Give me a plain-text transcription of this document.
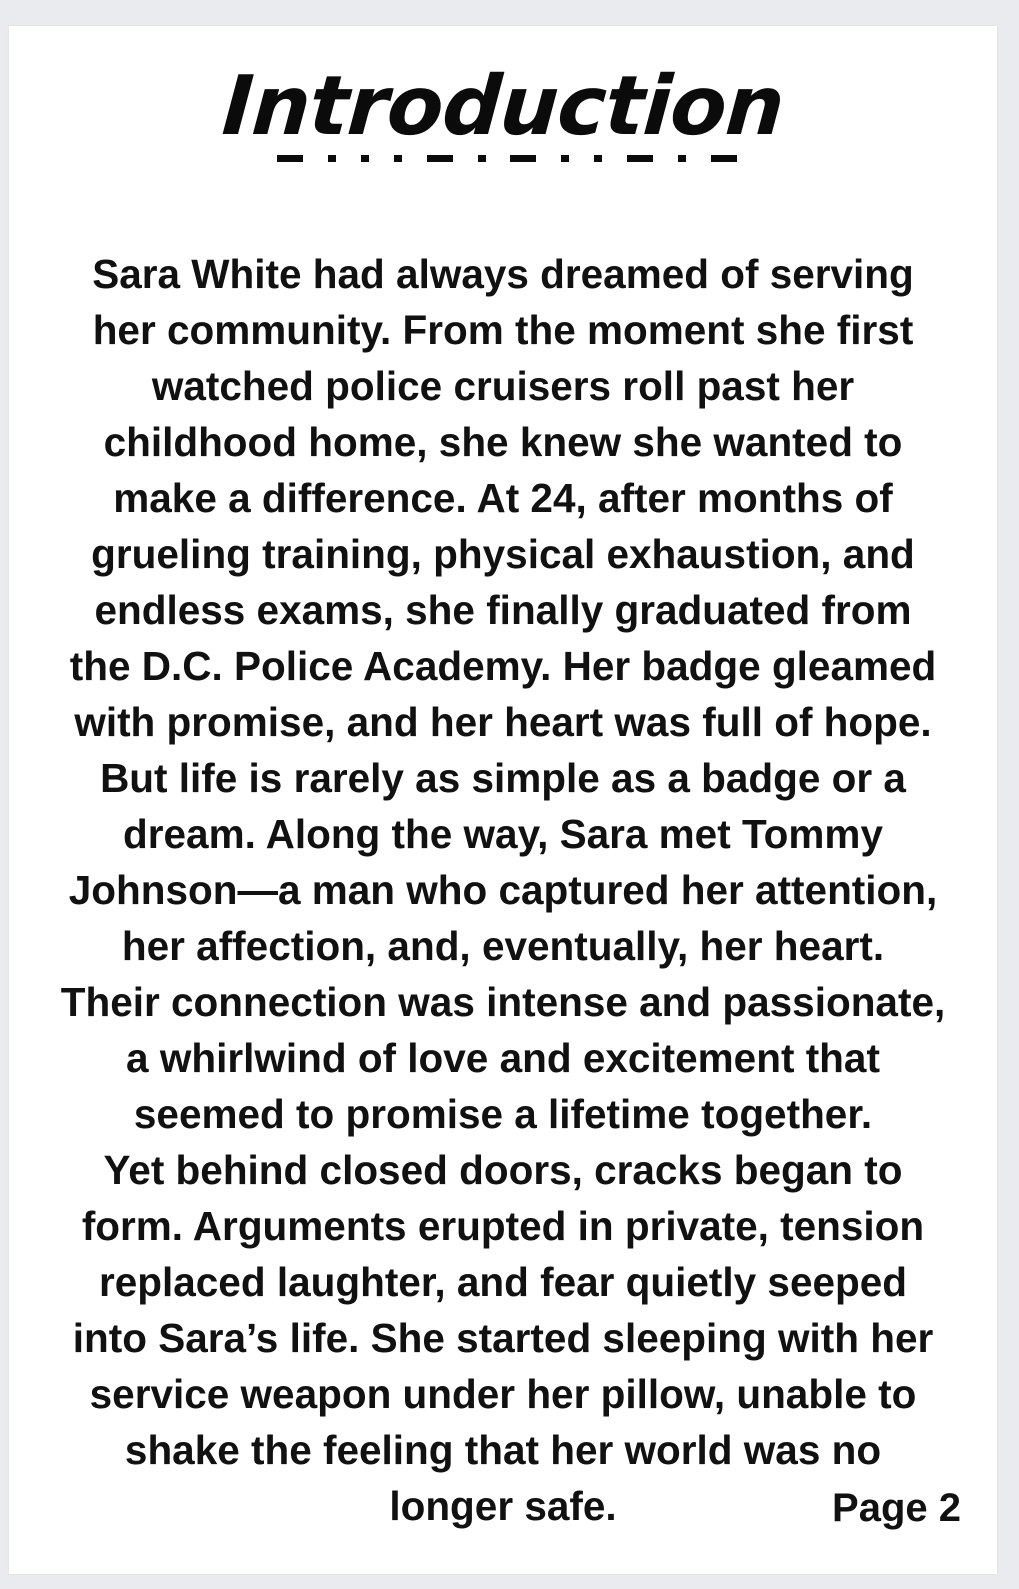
Introduction

Sara White had always dreamed of serving
her community. From the moment she first
watched police cruisers roll past her
childhood home, she knew she wanted to
make a difference. At 24, after months of
grueling training, physical exhaustion, and
endless exams, she finally graduated from
the D.C. Police Academy. Her badge gleamed
with promise, and her heart was full of hope.
But life is rarely as simple as a badge or a
dream. Along the way, Sara met Tommy
Johnson—a man who captured her attention,
her affection, and, eventually, her heart.
Their connection was intense and passionate,
a whirlwind of love and excitement that
seemed to promise a lifetime together.
Yet behind closed doors, cracks began to
form. Arguments erupted in private, tension
replaced laughter, and fear quietly seeped
into Sara’s life. She started sleeping with her
service weapon under her pillow, unable to
shake the feeling that her world was no
longer safe.	Page 2
